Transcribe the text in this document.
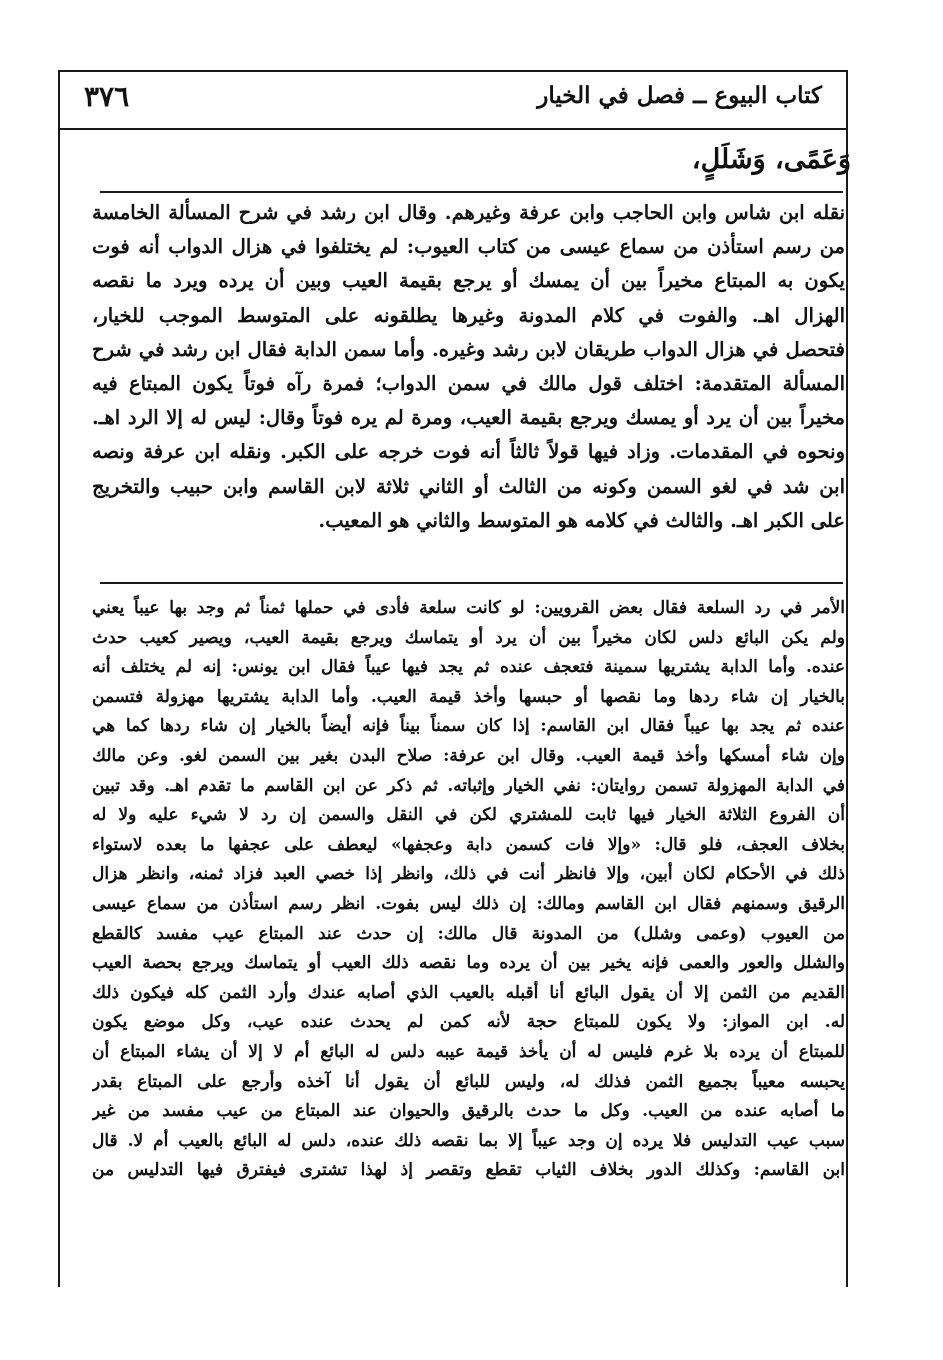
٣٧٦	كتاب البيوع ــ فصل في الخيار
وَعَمًى، وَشَلَلٍ،
نقله ابن شاس وابن الحاجب وابن عرفة وغيرهم. وقال ابن رشد في شرح المسألة الخامسة
من رسم استأذن من سماع عيسى من كتاب العيوب: لم يختلفوا في هزال الدواب أنه فوت
يكون به المبتاع مخيراً بين أن يمسك أو يرجع بقيمة العيب وبين أن يرده ويرد ما نقصه
الهزال اهـ. والفوت في كلام المدونة وغيرها يطلقونه على المتوسط الموجب للخيار،
فتحصل في هزال الدواب طريقان لابن رشد وغيره. وأما سمن الدابة فقال ابن رشد في شرح
المسألة المتقدمة: اختلف قول مالك في سمن الدواب؛ فمرة رآه فوتاً يكون المبتاع فيه
مخيراً بين أن يرد أو يمسك ويرجع بقيمة العيب، ومرة لم يره فوتاً وقال: ليس له إلا الرد اهـ.
ونحوه في المقدمات. وزاد فيها قولاً ثالثاً أنه فوت خرجه على الكبر. ونقله ابن عرفة ونصه
ابن شد في لغو السمن وكونه من الثالث أو الثاني ثلاثة لابن القاسم وابن حبيب والتخريج
على الكبر اهـ. والثالث في كلامه هو المتوسط والثاني هو المعيب.
الأمر في رد السلعة فقال بعض القرويين: لو كانت سلعة فأدى في حملها ثمناً ثم وجد بها عيباً يعني
ولم يكن البائع دلس لكان مخيراً بين أن يرد أو يتماسك ويرجع بقيمة العيب، ويصير كعيب حدث
عنده. وأما الدابة يشتريها سمينة فتعجف عنده ثم يجد فيها عيباً فقال ابن يونس: إنه لم يختلف أنه
بالخيار إن شاء ردها وما نقصها أو حبسها وأخذ قيمة العيب. وأما الدابة يشتريها مهزولة فتسمن
عنده ثم يجد بها عيباً فقال ابن القاسم: إذا كان سمناً بيناً فإنه أيضاً بالخيار إن شاء ردها كما هي
وإن شاء أمسكها وأخذ قيمة العيب. وقال ابن عرفة: صلاح البدن بغير بين السمن لغو. وعن مالك
في الدابة المهزولة تسمن روايتان: نفي الخيار وإثباته. ثم ذكر عن ابن القاسم ما تقدم اهـ. وقد تبين
أن الفروع الثلاثة الخيار فيها ثابت للمشتري لكن في النقل والسمن إن رد لا شيء عليه ولا له
بخلاف العجف، فلو قال: «وإلا فات كسمن دابة وعجفها» ليعطف على عجفها ما بعده لاستواء
ذلك في الأحكام لكان أبين، وإلا فانظر أنت في ذلك، وانظر إذا خصي العبد فزاد ثمنه، وانظر هزال
الرقيق وسمنهم فقال ابن القاسم ومالك: إن ذلك ليس بفوت. انظر رسم استأذن من سماع عيسى
من العيوب (وعمى وشلل) من المدونة قال مالك: إن حدث عند المبتاع عيب مفسد كالقطع
والشلل والعور والعمى فإنه يخير بين أن يرده وما نقصه ذلك العيب أو يتماسك ويرجع بحصة العيب
القديم من الثمن إلا أن يقول البائع أنا أقبله بالعيب الذي أصابه عندك وأرد الثمن كله فيكون ذلك
له. ابن المواز: ولا يكون للمبتاع حجة لأنه كمن لم يحدث عنده عيب، وكل موضع يكون
للمبتاع أن يرده بلا غرم فليس له أن يأخذ قيمة عيبه دلس له البائع أم لا إلا أن يشاء المبتاع أن
يحبسه معيباً بجميع الثمن فذلك له، وليس للبائع أن يقول أنا آخذه وأرجع على المبتاع بقدر
ما أصابه عنده من العيب. وكل ما حدث بالرقيق والحيوان عند المبتاع من عيب مفسد من غير
سبب عيب التدليس فلا يرده إن وجد عيباً إلا بما نقصه ذلك عنده، دلس له البائع بالعيب أم لا. قال
ابن القاسم: وكذلك الدور بخلاف الثياب تقطع وتقصر إذ لهذا تشترى فيفترق فيها التدليس من
